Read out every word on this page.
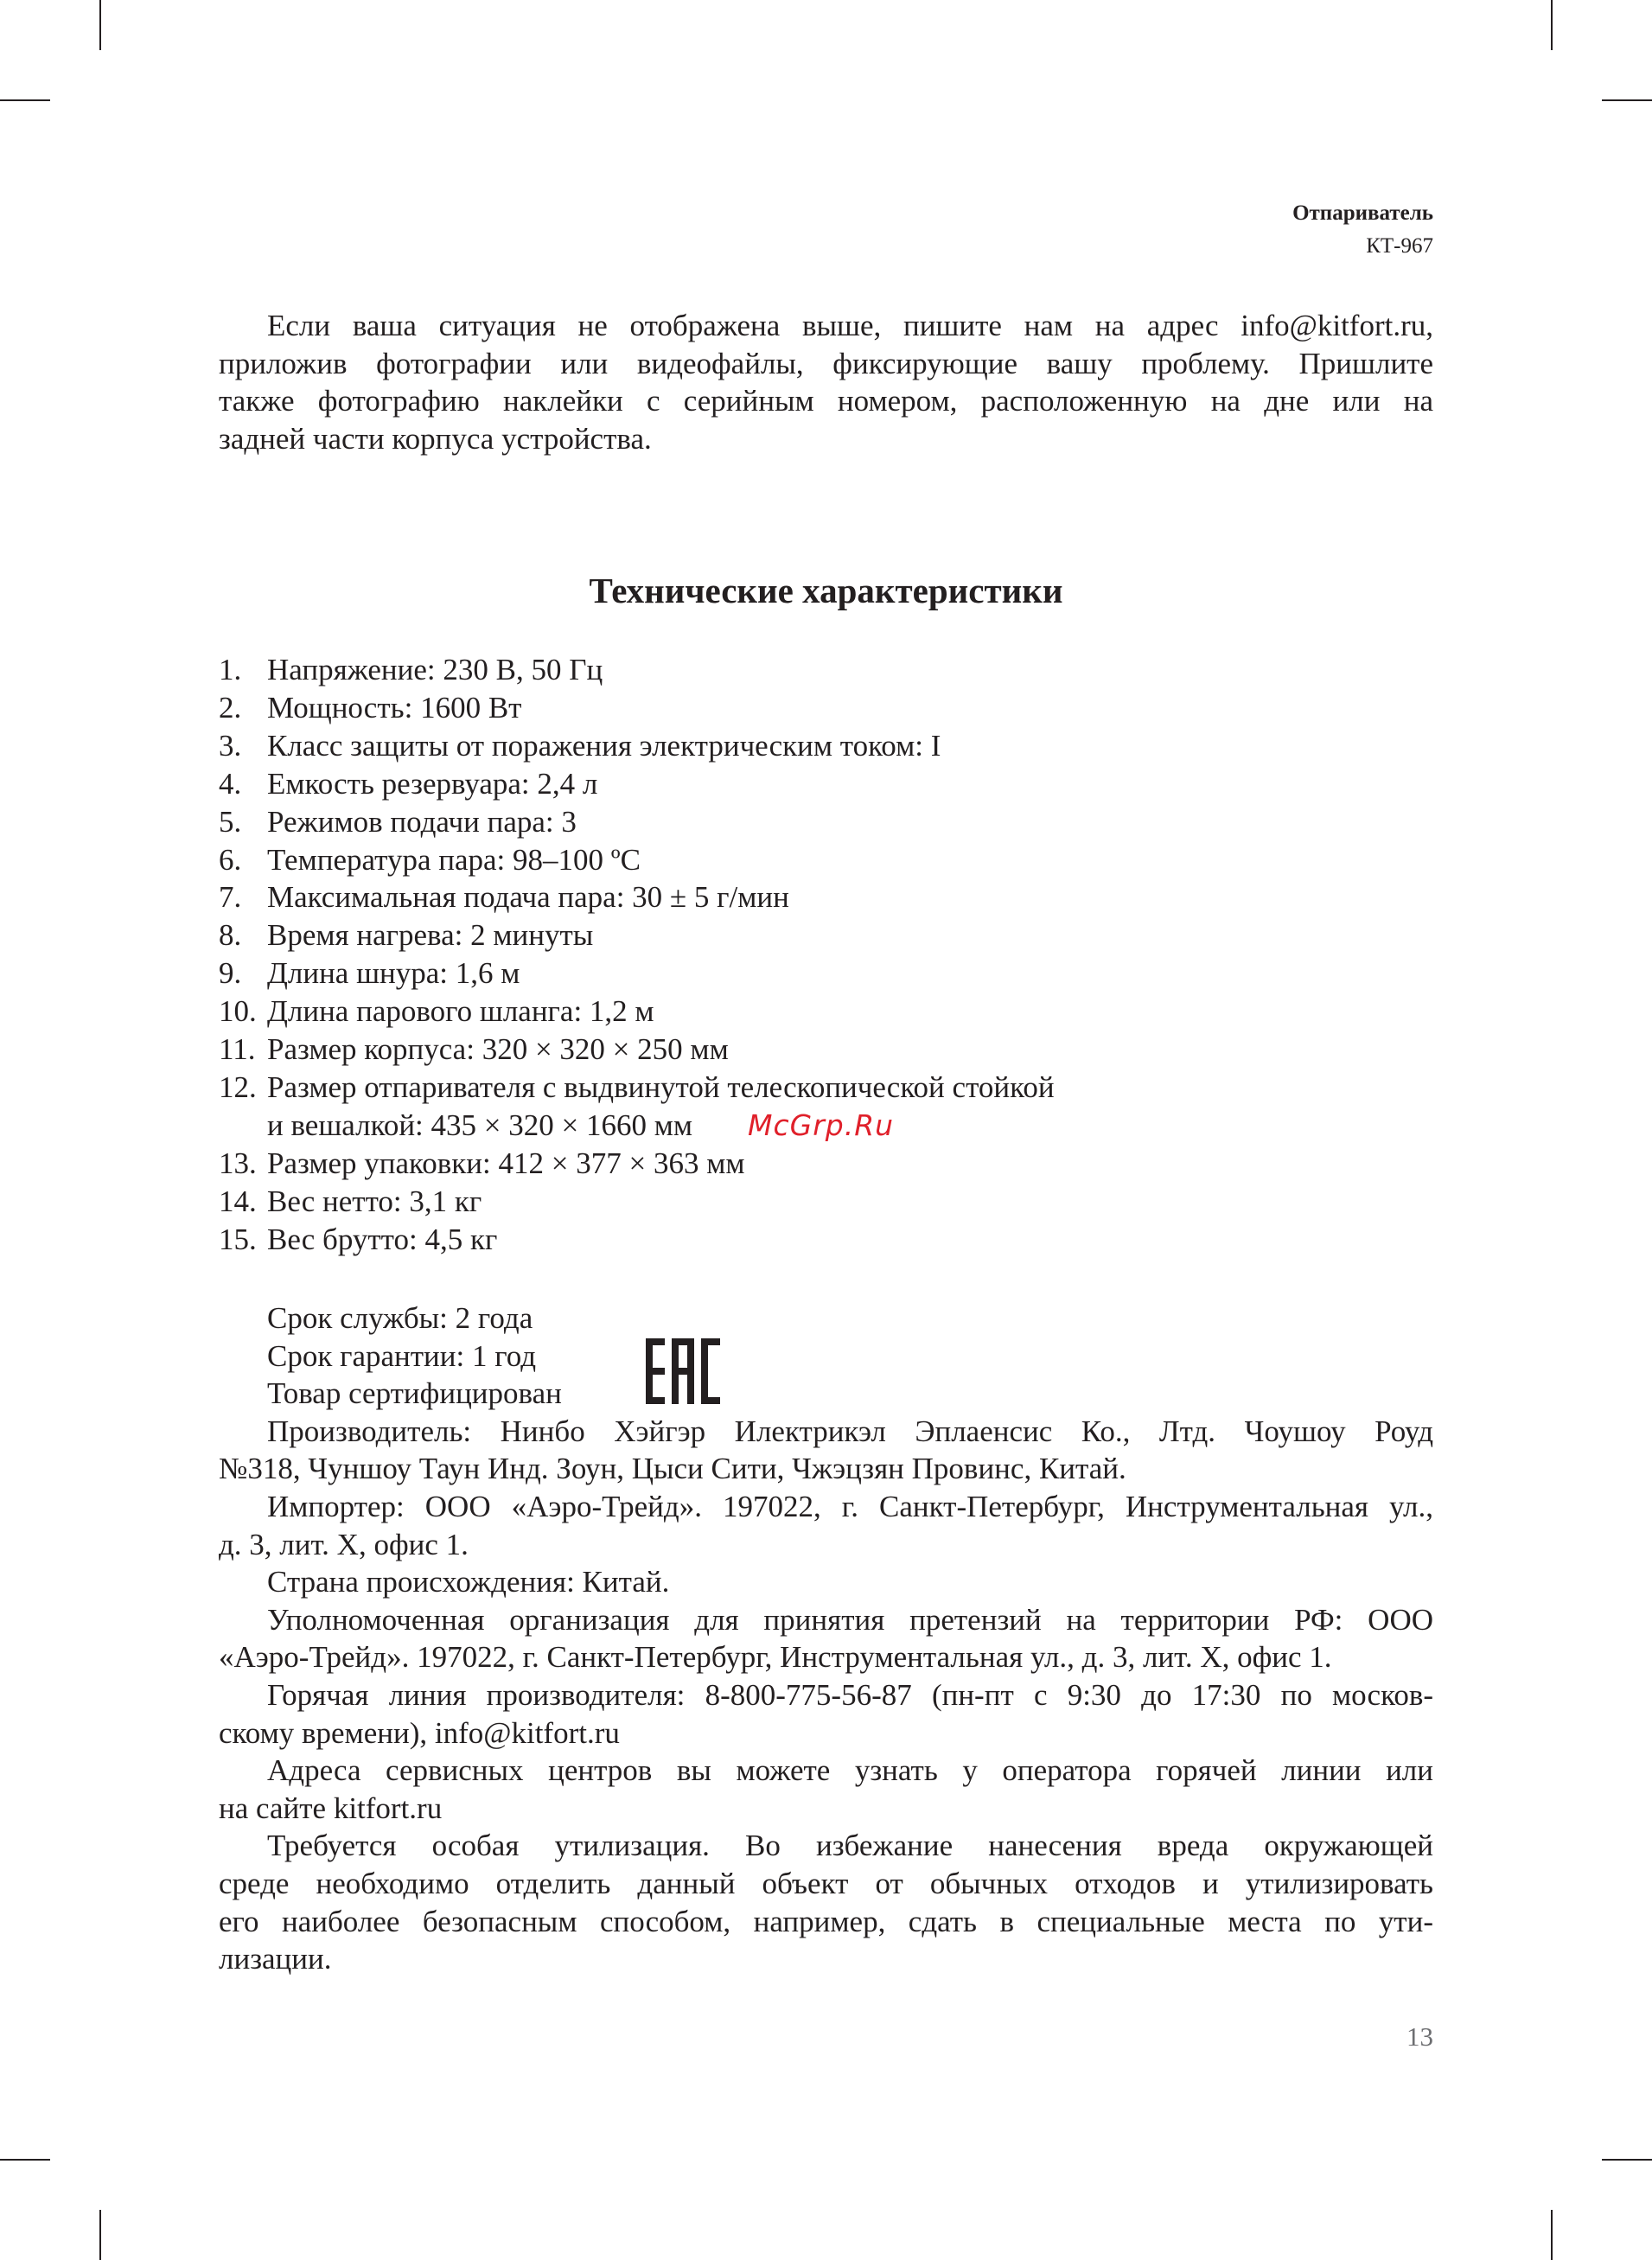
Отпариватель
КТ-967
Если ваша ситуация не отображена выше, пишите нам на адрес info@kitfort.ru,
приложив фотографии или видеофайлы, фиксирующие вашу проблему. Пришлите
также фотографию наклейки с серийным номером, расположенную на дне или на
задней части корпуса устройства.
Технические характеристики
1. Напряжение: 230 В, 50 Гц
2. Мощность: 1600 Вт
3. Класс защиты от поражения электрическим током: I
4. Емкость резервуара: 2,4 л
5. Режимов подачи пара: 3
6. Температура пара: 98–100 ºС
7. Максимальная подача пара: 30 ± 5 г/мин
8. Время нагрева: 2 минуты
9. Длина шнура: 1,6 м
10. Длина парового шланга: 1,2 м
11. Размер корпуса: 320 × 320 × 250 мм
12. Размер отпаривателя с выдвинутой телескопической стойкой
и вешалкой: 435 × 320 × 1660 мм
13. Размер упаковки: 412 × 377 × 363 мм
14. Вес нетто: 3,1 кг
15. Вес брутто: 4,5 кг
McGrp.Ru
Срок службы: 2 года
Срок гарантии: 1 год
Товар сертифицирован
Производитель: Нинбо Хэйгэр Илектрикэл Эплаенсис Ко., Лтд. Чоушоу Роуд
№318, Чуншоу Таун Инд. Зоун, Цыси Сити, Чжэцзян Провинс, Китай.
Импортер: ООО «Аэро-Трейд». 197022, г. Санкт-Петербург, Инструментальная ул.,
д. 3, лит. Х, офис 1.
Страна происхождения: Китай.
Уполномоченная организация для принятия претензий на территории РФ: ООО
«Аэро-Трейд». 197022, г. Санкт-Петербург, Инструментальная ул., д. 3, лит. Х, офис 1.
Горячая линия производителя: 8-800-775-56-87 (пн-пт с 9:30 до 17:30 по москов-
скому времени), info@kitfort.ru
Адреса сервисных центров вы можете узнать у оператора горячей линии или
на сайте kitfort.ru
Требуется особая утилизация. Во избежание нанесения вреда окружающей
среде необходимо отделить данный объект от обычных отходов и утилизировать
его наиболее безопасным способом, например, сдать в специальные места по ути-
лизации.
13
